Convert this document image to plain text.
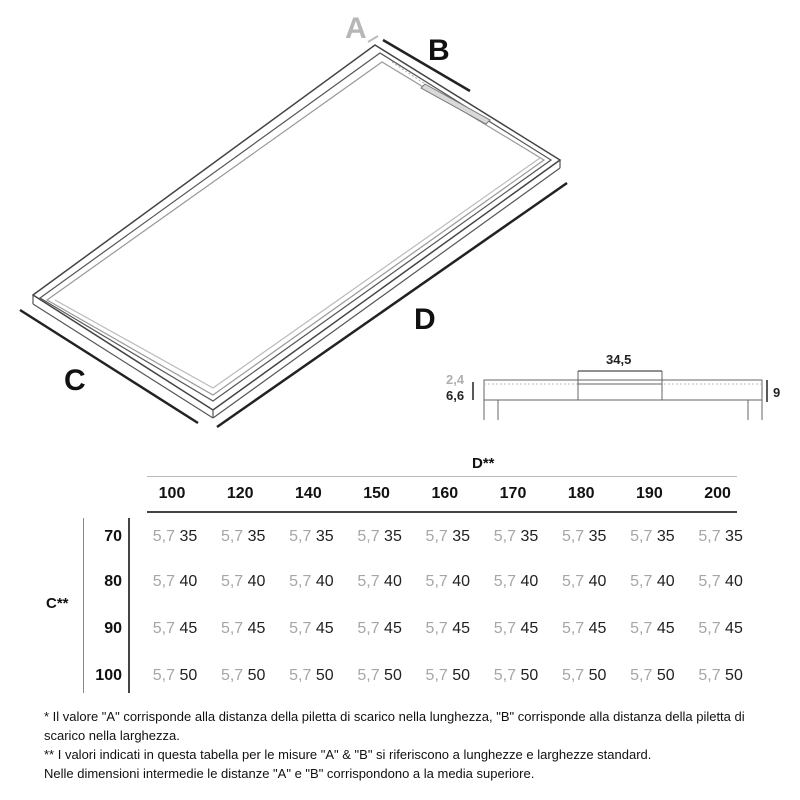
A
B
C
D
34,5
2,4
6,6	9
D**
C**
100	120	140	150	160	170	180	190	200
70	5,7 35	5,7 35	5,7 35	5,7 35	5,7 35	5,7 35	5,7 35	5,7 35	5,7 35
80	5,7 40	5,7 40	5,7 40	5,7 40	5,7 40	5,7 40	5,7 40	5,7 40	5,7 40
90	5,7 45	5,7 45	5,7 45	5,7 45	5,7 45	5,7 45	5,7 45	5,7 45	5,7 45
100	5,7 50	5,7 50	5,7 50	5,7 50	5,7 50	5,7 50	5,7 50	5,7 50	5,7 50

* Il valore "A" corrisponde alla distanza della piletta di scarico nella lunghezza, "B" corrisponde alla distanza della piletta di scarico nella larghezza.

** I valori indicati in questa tabella per le misure "A" & "B" si riferiscono a lunghezze e larghezze standard.

Nelle dimensioni intermedie le distanze "A" e "B" corrispondono a la media superiore.
